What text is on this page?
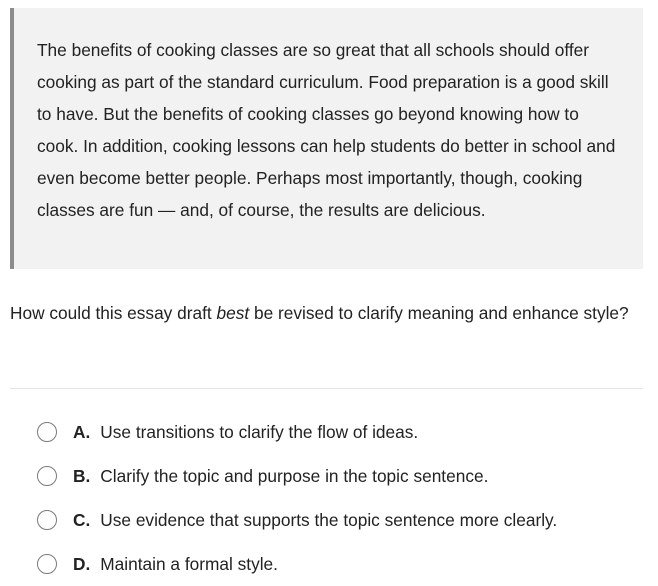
The benefits of cooking classes are so great that all schools should offer cooking as part of the standard curriculum. Food preparation is a good skill to have. But the benefits of cooking classes go beyond knowing how to cook. In addition, cooking lessons can help students do better in school and even become better people. Perhaps most importantly, though, cooking classes are fun — and, of course, the results are delicious.

How could this essay draft best be revised to clarify meaning and enhance style?

A. Use transitions to clarify the flow of ideas.
B. Clarify the topic and purpose in the topic sentence.
C. Use evidence that supports the topic sentence more clearly.
D. Maintain a formal style.
